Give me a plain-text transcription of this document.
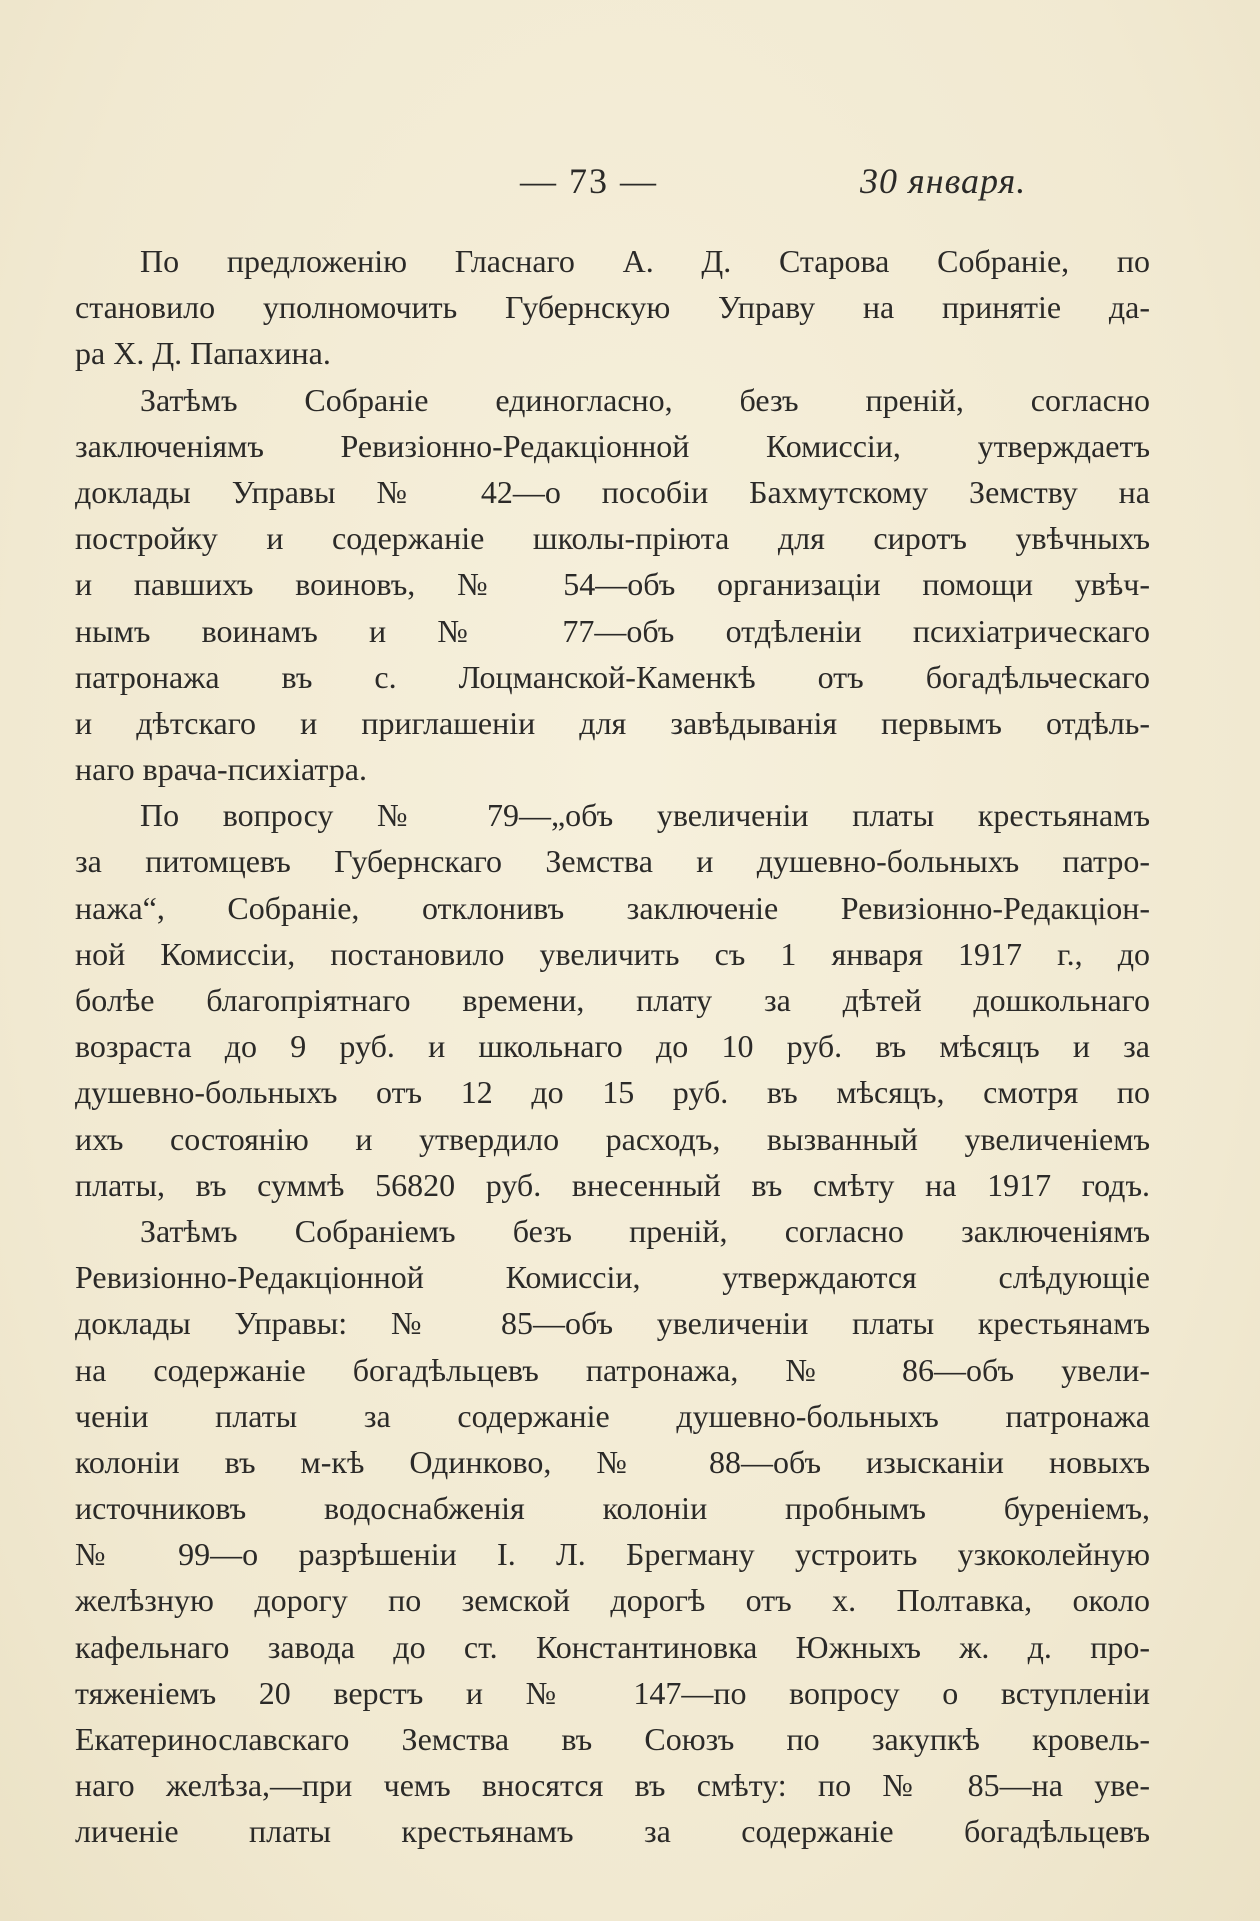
— 73 —	30 января.
По предложенію Гласнаго А. Д. Старова Собраніе, по
становило уполномочить Губернскую Управу на принятіе да-
ра Х. Д. Папахина.
Затѣмъ Собраніе единогласно, безъ преній, согласно
заключеніямъ Ревизіонно-Редакціонной Комиссіи, утверждаетъ
доклады Управы № 42—о пособіи Бахмутскому Земству на
постройку и содержаніе школы-пріюта для сиротъ увѣчныхъ
и павшихъ воиновъ, № 54—объ организаціи помощи увѣч-
нымъ воинамъ и № 77—объ отдѣленіи психіатрическаго
патронажа въ с. Лоцманской-Каменкѣ отъ богадѣльческаго
и дѣтскаго и приглашеніи для завѣдыванія первымъ отдѣль-
наго врача-психіатра.
По вопросу № 79—„объ увеличеніи платы крестьянамъ
за питомцевъ Губернскаго Земства и душевно-больныхъ патро-
нажа“, Собраніе, отклонивъ заключеніе Ревизіонно-Редакціон-
ной Комиссіи, постановило увеличить съ 1 января 1917 г., до
болѣе благопріятнаго времени, плату за дѣтей дошкольнаго
возраста до 9 руб. и школьнаго до 10 руб. въ мѣсяцъ и за
душевно-больныхъ отъ 12 до 15 руб. въ мѣсяцъ, смотря по
ихъ состоянію и утвердило расходъ, вызванный увеличеніемъ
платы, въ суммѣ 56820 руб. внесенный въ смѣту на 1917 годъ.
Затѣмъ Собраніемъ безъ преній, согласно заключеніямъ
Ревизіонно-Редакціонной Комиссіи, утверждаются слѣдующіе
доклады Управы: № 85—объ увеличеніи платы крестьянамъ
на содержаніе богадѣльцевъ патронажа, № 86—объ увели-
ченіи платы за содержаніе душевно-больныхъ патронажа
колоніи въ м-кѣ Одинково, № 88—объ изысканіи новыхъ
источниковъ водоснабженія колоніи пробнымъ буреніемъ,
№ 99—о разрѣшеніи І. Л. Брегману устроить узкоколейную
желѣзную дорогу по земской дорогѣ отъ х. Полтавка, около
кафельнаго завода до ст. Константиновка Южныхъ ж. д. про-
тяженіемъ 20 верстъ и № 147—по вопросу о вступленіи
Екатеринославскаго Земства въ Союзъ по закупкѣ кровель-
наго желѣза,—при чемъ вносятся въ смѣту: по № 85—на уве-
личеніе платы крестьянамъ за содержаніе богадѣльцевъ
